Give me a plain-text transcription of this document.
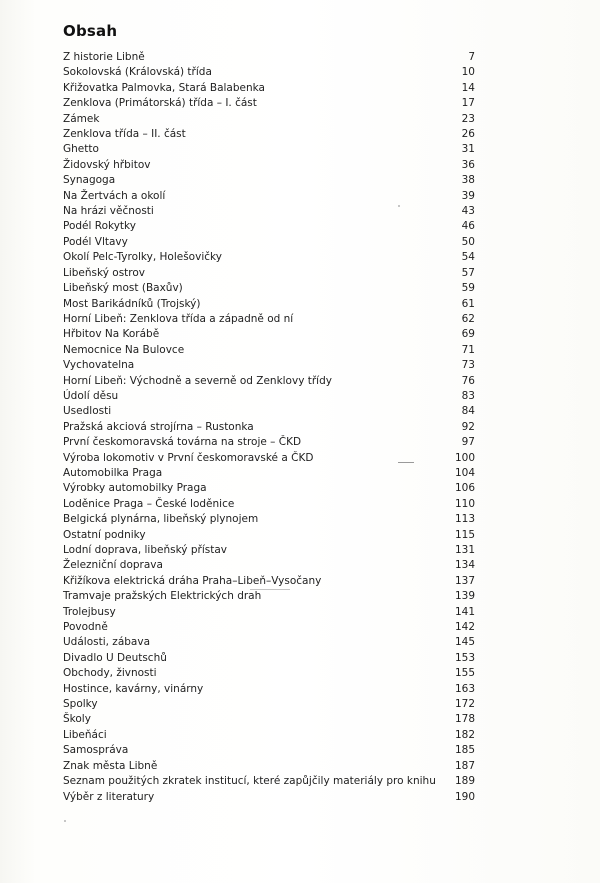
Obsah
Z historie Libně	7
Sokolovská (Královská) třída	10
Křižovatka Palmovka, Stará Balabenka	14
Zenklova (Primátorská) třída – I. část	17
Zámek	23
Zenklova třída – II. část	26
Ghetto	31
Židovský hřbitov	36
Synagoga	38
Na Žertvách a okolí	39
Na hrázi věčnosti	43
Podél Rokytky	46
Podél Vltavy	50
Okolí Pelc-Tyrolky, Holešovičky	54
Libeňský ostrov	57
Libeňský most (Baxův)	59
Most Barikádníků (Trojský)	61
Horní Libeň: Zenklova třída a západně od ní	62
Hřbitov Na Korábě	69
Nemocnice Na Bulovce	71
Vychovatelna	73
Horní Libeň: Východně a severně od Zenklovy třídy	76
Údolí děsu	83
Usedlosti	84
Pražská akciová strojírna – Rustonka	92
První českomoravská továrna na stroje – ČKD	97
Výroba lokomotiv v První českomoravské a ČKD	100
Automobilka Praga	104
Výrobky automobilky Praga	106
Loděnice Praga – České loděnice	110
Belgická plynárna, libeňský plynojem	113
Ostatní podniky	115
Lodní doprava, libeňský přístav	131
Železniční doprava	134
Křižíkova elektrická dráha Praha–Libeň–Vysočany	137
Tramvaje pražských Elektrických drah	139
Trolejbusy	141
Povodně	142
Události, zábava	145
Divadlo U Deutschů	153
Obchody, živnosti	155
Hostince, kavárny, vinárny	163
Spolky	172
Školy	178
Libeňáci	182
Samospráva	185
Znak města Libně	187
Seznam použitých zkratek institucí, které zapůjčily materiály pro knihu 189
Výběr z literatury	190
